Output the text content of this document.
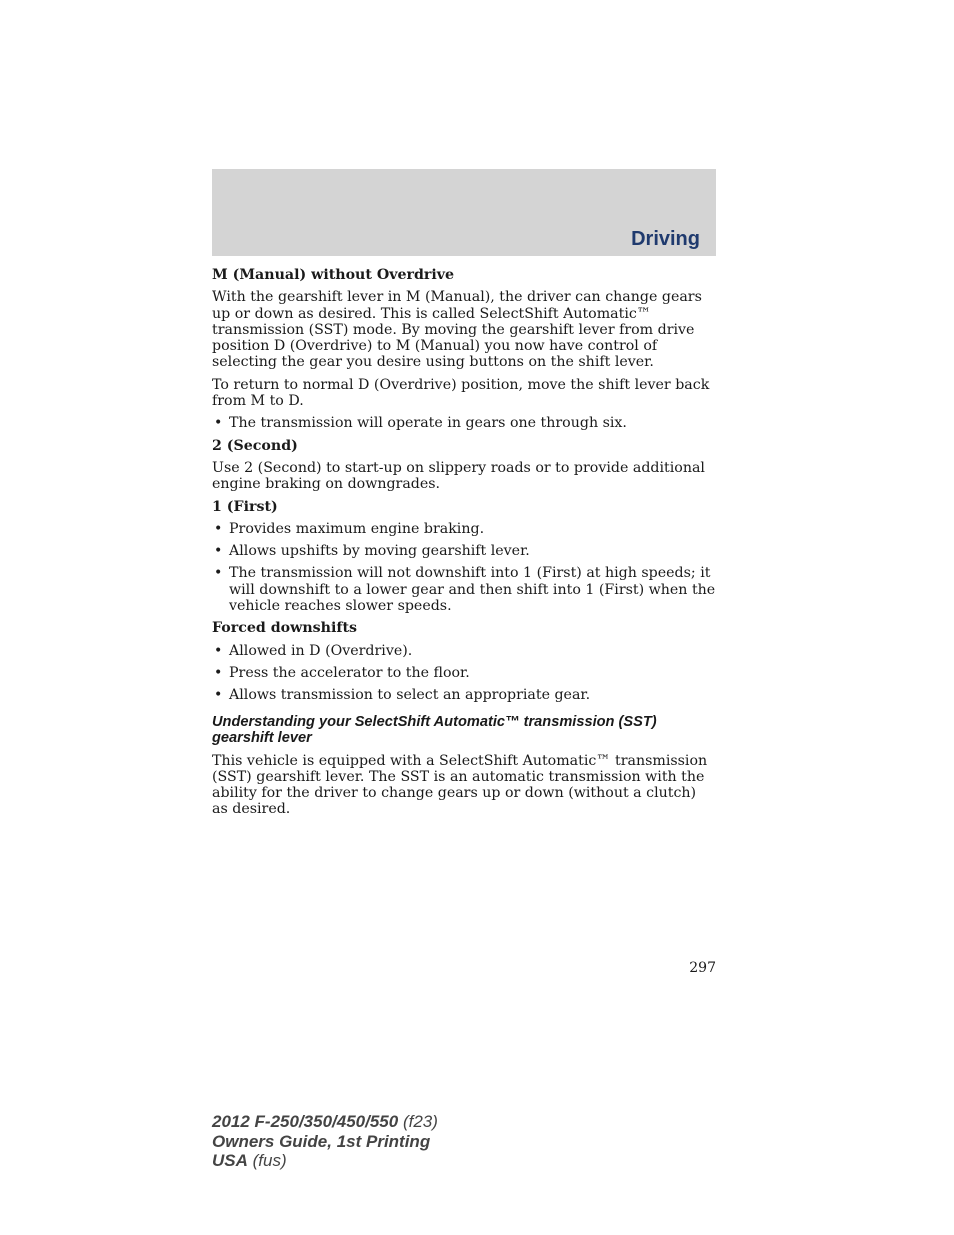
Driving
M (Manual) without Overdrive

With the gearshift lever in M (Manual), the driver can change gears up or down as desired. This is called SelectShift Automatic™ transmission (SST) mode. By moving the gearshift lever from drive position D (Overdrive) to M (Manual) you now have control of selecting the gear you desire using buttons on the shift lever.

To return to normal D (Overdrive) position, move the shift lever back from M to D.

• The transmission will operate in gears one through six.
2 (Second)

Use 2 (Second) to start-up on slippery roads or to provide additional engine braking on downgrades.

1 (First)
• Provides maximum engine braking.
• Allows upshifts by moving gearshift lever.
• The transmission will not downshift into 1 (First) at high speeds; it will downshift to a lower gear and then shift into 1 (First) when the vehicle reaches slower speeds.
Forced downshifts
• Allowed in D (Overdrive).
• Press the accelerator to the floor.
• Allows transmission to select an appropriate gear.
Understanding your SelectShift Automatic™ transmission (SST) gearshift lever

This vehicle is equipped with a SelectShift Automatic™ transmission (SST) gearshift lever. The SST is an automatic transmission with the ability for the driver to change gears up or down (without a clutch) as desired.

297
2012 F-250/350/450/550 (f23)
Owners Guide, 1st Printing
USA (fus)
